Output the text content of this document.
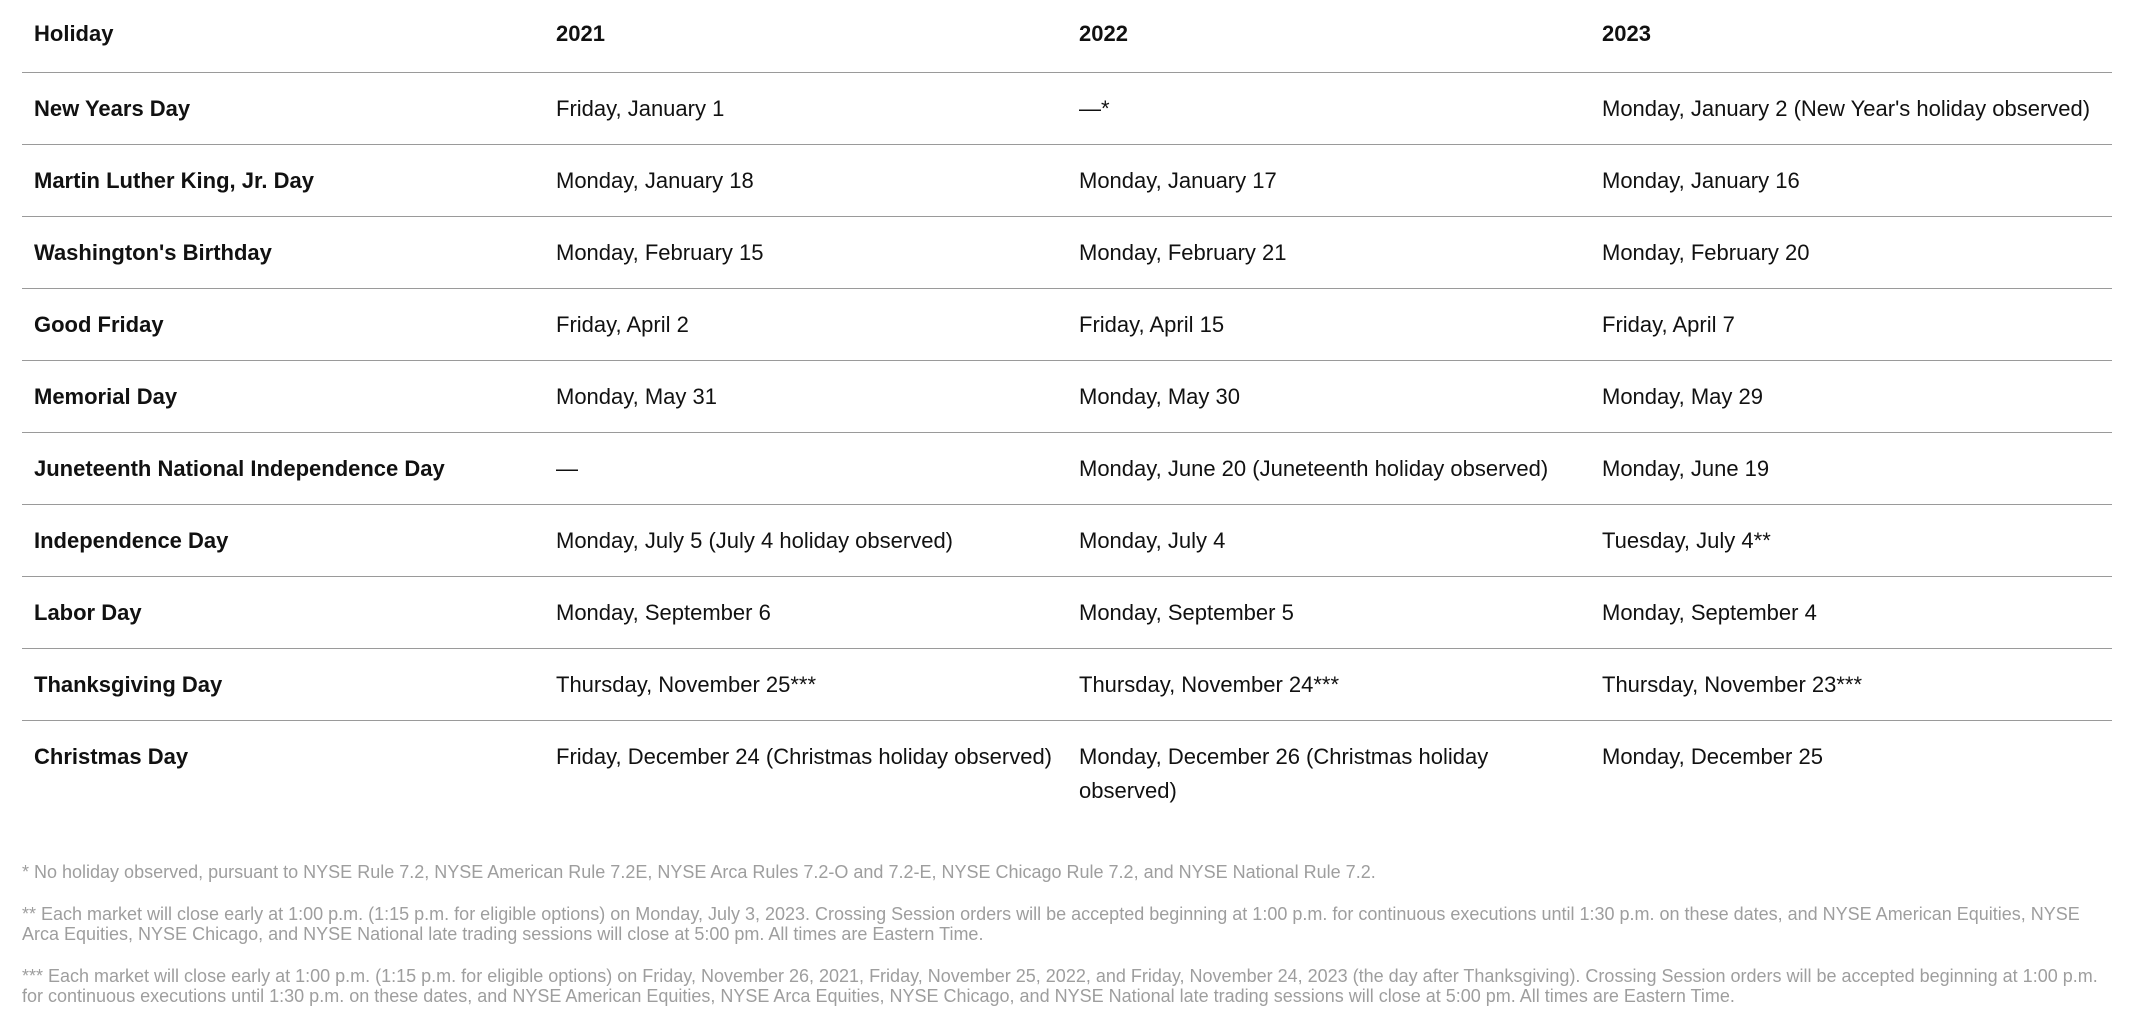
Holiday	2021	2022	2023
New Years Day	Friday, January 1	—*	Monday, January 2 (New Year's holiday observed)
Martin Luther King, Jr. Day	Monday, January 18	Monday, January 17	Monday, January 16
Washington's Birthday	Monday, February 15	Monday, February 21	Monday, February 20
Good Friday	Friday, April 2	Friday, April 15	Friday, April 7
Memorial Day	Monday, May 31	Monday, May 30	Monday, May 29
Juneteenth National Independence Day	—	Monday, June 20 (Juneteenth holiday observed)	Monday, June 19
Independence Day	Monday, July 5 (July 4 holiday observed)	Monday, July 4	Tuesday, July 4**
Labor Day	Monday, September 6	Monday, September 5	Monday, September 4
Thanksgiving Day	Thursday, November 25***	Thursday, November 24***	Thursday, November 23***
Christmas Day	Friday, December 24 (Christmas holiday observed)	Monday, December 26 (Christmas holiday observed)	Monday, December 25

* No holiday observed, pursuant to NYSE Rule 7.2, NYSE American Rule 7.2E, NYSE Arca Rules 7.2-O and 7.2-E, NYSE Chicago Rule 7.2, and NYSE National Rule 7.2.

** Each market will close early at 1:00 p.m. (1:15 p.m. for eligible options) on Monday, July 3, 2023. Crossing Session orders will be accepted beginning at 1:00 p.m. for continuous executions until 1:30 p.m. on these dates, and NYSE American Equities, NYSE Arca Equities, NYSE Chicago, and NYSE National late trading sessions will close at 5:00 pm. All times are Eastern Time.

*** Each market will close early at 1:00 p.m. (1:15 p.m. for eligible options) on Friday, November 26, 2021, Friday, November 25, 2022, and Friday, November 24, 2023 (the day after Thanksgiving). Crossing Session orders will be accepted beginning at 1:00 p.m. for continuous executions until 1:30 p.m. on these dates, and NYSE American Equities, NYSE Arca Equities, NYSE Chicago, and NYSE National late trading sessions will close at 5:00 pm. All times are Eastern Time.
